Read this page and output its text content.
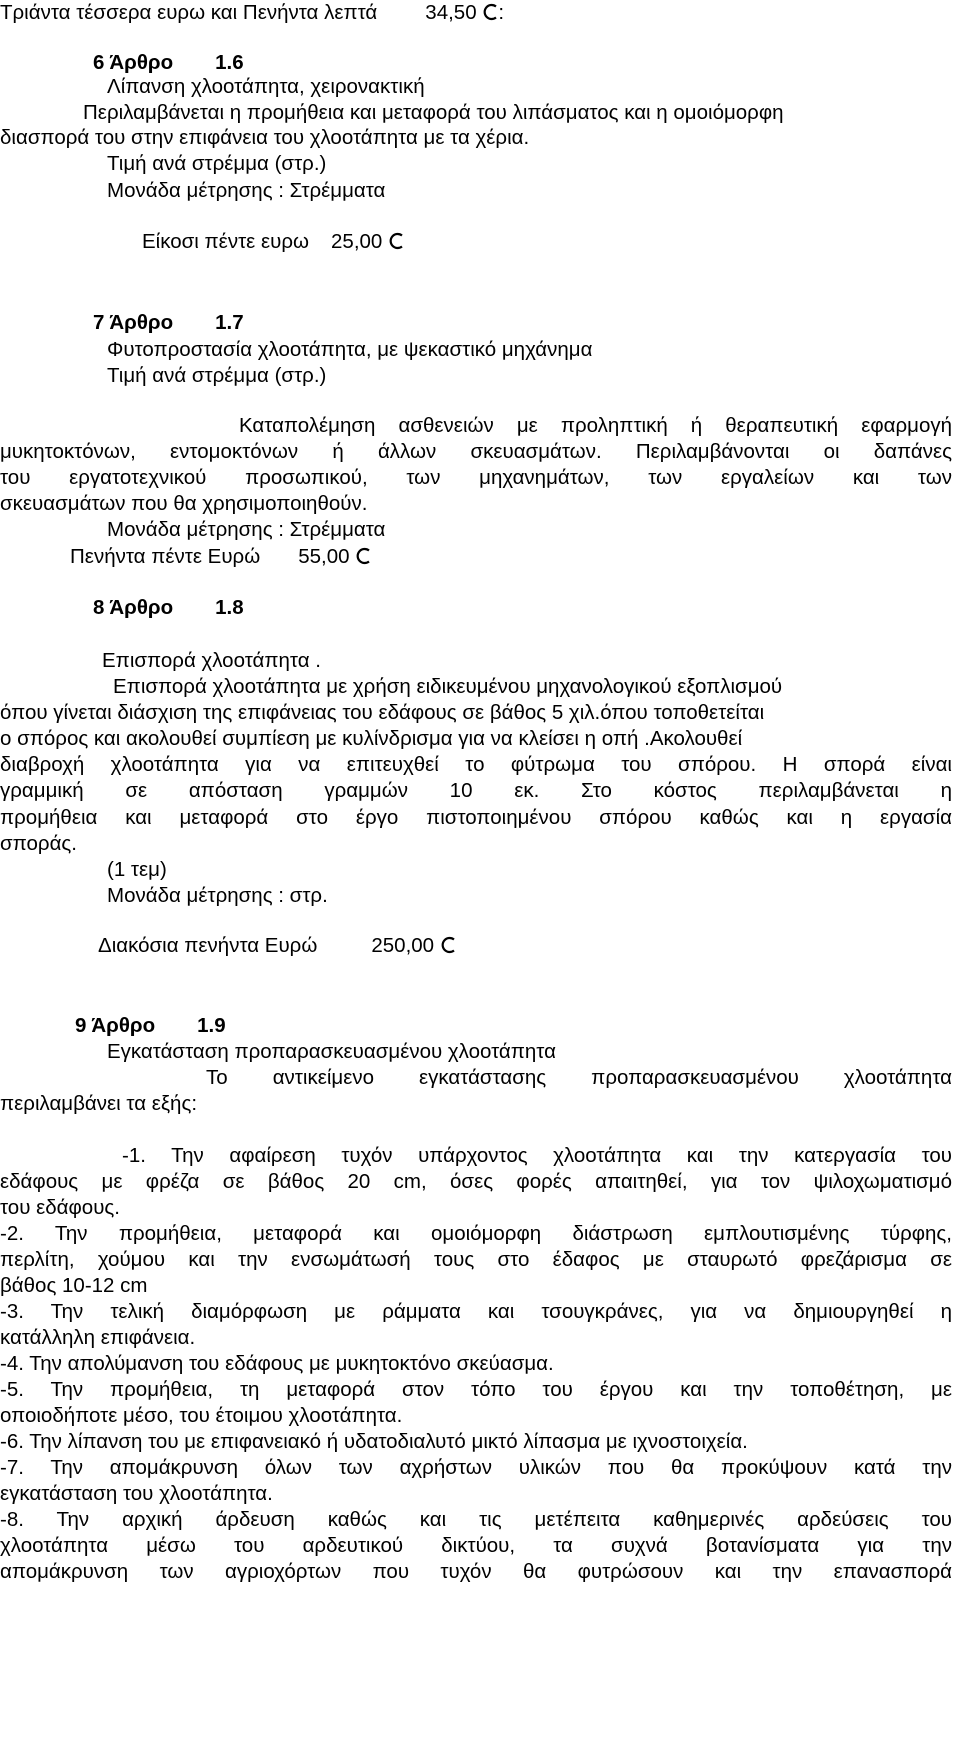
Τριάντα τέσσερα ευρω και Πενήντα λεπτά 34,50 :
6 Άρθρο 1.6
Λίπανση χλοοτάπητα, χειρονακτική
Περιλαμβάνεται η προμήθεια και μεταφορά του λιπάσματος και η ομοιόμορφη
διασπορά του στην επιφάνεια του χλοοτάπητα με τα χέρια.
Τιμή ανά στρέμμα (στρ.)
Μονάδα μέτρησης : Στρέμματα
Είκοσι πέντε ευρω 25,00
7 Άρθρο 1.7
Φυτοπροστασία χλοοτάπητα, με ψεκαστικό μηχάνημα
Τιμή ανά στρέμμα (στρ.)
Καταπολέμηση ασθενειών με προληπτική ή θεραπευτική εφαρμογή
μυκητοκτόνων, εντομοκτόνων ή άλλων σκευασμάτων. Περιλαμβάνονται οι δαπάνες
του εργατοτεχνικού προσωπικού, των μηχανημάτων, των εργαλείων και των
σκευασμάτων που θα χρησιμοποιηθούν.
Μονάδα μέτρησης : Στρέμματα
Πενήντα πέντε Ευρώ 55,00
8 Άρθρο 1.8
Επισπορά χλοοτάπητα .
Επισπορά χλοοτάπητα με χρήση ειδικευμένου μηχανολογικού εξοπλισμού
όπου γίνεται διάσχιση της επιφάνειας του εδάφους σε βάθος 5 χιλ.όπου τοποθετείται
ο σπόρος και ακολουθεί συμπίεση με κυλίνδρισμα για να κλείσει η οπή .Ακολουθεί
διαβροχή χλοοτάπητα για να επιτευχθεί το φύτρωμα του σπόρου. Η σπορά είναι
γραμμική σε απόσταση γραμμών 10 εκ. Στο κόστος περιλαμβάνεται η
προμήθεια και μεταφορά στο έργο πιστοποιημένου σπόρου καθώς και η εργασία
σποράς.
(1 τεμ)
Μονάδα μέτρησης : στρ.
Διακόσια πενήντα Ευρώ	250,00
9 Άρθρο 1.9
Εγκατάσταση προπαρασκευασμένου χλοοτάπητα
Το αντικείμενο εγκατάστασης προπαρασκευασμένου χλοοτάπητα
περιλαμβάνει τα εξής:
-1. Την αφαίρεση τυχόν υπάρχοντος χλοοτάπητα και την κατεργασία του
εδάφους με φρέζα σε βάθος 20 cm, όσες φορές απαιτηθεί, για τον ψιλοχωματισμό
του εδάφους.
-2. Την προμήθεια, μεταφορά και ομοιόμορφη διάστρωση εμπλουτισμένης τύρφης,
περλίτη, χούμου και την ενσωμάτωσή τους στο έδαφος με σταυρωτό φρεζάρισμα σε
βάθος 10-12 cm
-3. Την τελική διαμόρφωση με ράμματα και τσουγκράνες, για να δημιουργηθεί η
κατάλληλη επιφάνεια.
-4. Την απολύμανση του εδάφους με μυκητοκτόνο σκεύασμα.
-5. Την προμήθεια, τη μεταφορά στον τόπο του έργου και την τοποθέτηση, με
οποιοδήποτε μέσο, του έτοιμου χλοοτάπητα.
-6. Την λίπανση του με επιφανειακό ή υδατοδιαλυτό μικτό λίπασμα με ιχνοστοιχεία.
-7. Την απομάκρυνση όλων των αχρήστων υλικών που θα προκύψουν κατά την
εγκατάσταση του χλοοτάπητα.
-8. Την αρχική άρδευση καθώς και τις μετέπειτα καθημερινές αρδεύσεις του
χλοοτάπητα μέσω του αρδευτικού δικτύου, τα συχνά βοτανίσματα για την
απομάκρυνση των αγριοχόρτων που τυχόν θα φυτρώσουν και την επανασπορά
